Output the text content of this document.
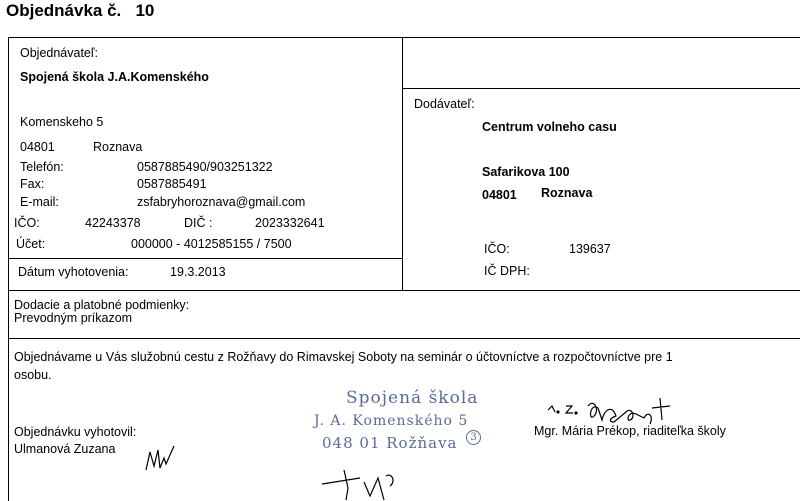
Objednávka č.   10
Objednávateľ:
Spojená škola J.A.Komenského
Komenskeho 5
04801	Roznava
Telefón:	0587885490/903251322
Fax:	0587885491
E-mail:	zsfabryhoroznava@gmail.com
IČO:	42243378	DIČ :	2023332641
Účet:	000000 - 4012585155 / 7500
Dátum vyhotovenia:	19.3.2013
Dodávateľ:
Centrum volneho casu
Safarikova 100
04801 Roznava
IČO:	139637
IČ DPH:
Dodacie a platobné podmienky:
Prevodným príkazom
Objednávame u Vás služobnú cestu z Rožňavy do Rimavskej Soboty na seminár o účtovníctve a rozpočtovníctve pre 1
osobu.
Objednávku vyhotovil:
Ulmanová Zuzana
Mgr. Mária Prékop, riaditeľka školy
Spojená škola
J. A. Komenského 5
048 01 Rožňava	3
